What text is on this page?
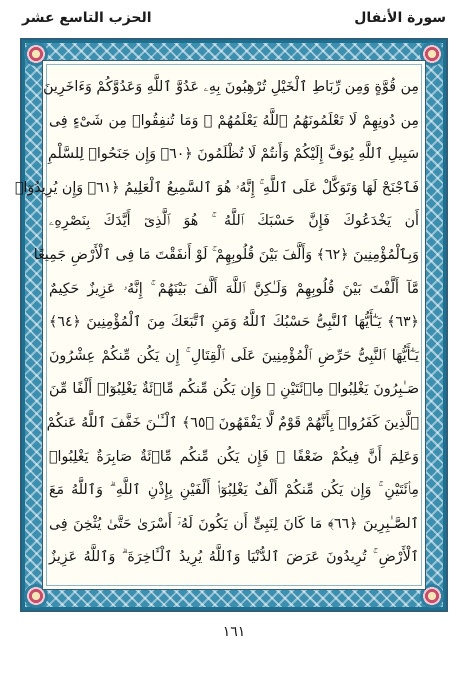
سورة الأنفال
الحزب التاسع عشر
مِن قُوَّةٍ وَمِن رِّبَاطِ ٱلْخَيْلِ تُرْهِبُونَ بِهِۦ عَدُوَّ ٱللَّهِ وَعَدُوَّكُمْ وَءَاخَرِينَ
مِن دُونِهِمْ لَا تَعْلَمُونَهُمُ ٱللَّهُ يَعْلَمُهُمْ ۚ وَمَا تُنفِقُوا۟ مِن شَىْءٍ فِى
سَبِيلِ ٱللَّهِ يُوَفَّ إِلَيْكُمْ وَأَنتُمْ لَا تُظْلَمُونَ ﴿٦٠﴾ وَإِن جَنَحُوا۟ لِلسَّلْمِ
فَٱجْنَحْ لَهَا وَتَوَكَّلْ عَلَى ٱللَّهِ ۚ إِنَّهُۥ هُوَ ٱلسَّمِيعُ ٱلْعَلِيمُ ﴿٦١﴾ وَإِن يُرِيدُوٓا۟
أَن يَخْدَعُوكَ فَإِنَّ حَسْبَكَ ٱللَّهُ ۚ هُوَ ٱلَّذِىٓ أَيَّدَكَ بِنَصْرِهِۦ
وَبِٱلْمُؤْمِنِينَ ﴿٦٢﴾ وَأَلَّفَ بَيْنَ قُلُوبِهِمْ ۚ لَوْ أَنفَقْتَ مَا فِى ٱلْأَرْضِ جَمِيعًا
مَّآ أَلَّفْتَ بَيْنَ قُلُوبِهِمْ وَلَـٰكِنَّ ٱللَّهَ أَلَّفَ بَيْنَهُمْ ۚ إِنَّهُۥ عَزِيزٌ حَكِيمٌ
﴿٦٣﴾ يَـٰٓأَيُّهَا ٱلنَّبِىُّ حَسْبُكَ ٱللَّهُ وَمَنِ ٱتَّبَعَكَ مِنَ ٱلْمُؤْمِنِينَ ﴿٦٤﴾
يَـٰٓأَيُّهَا ٱلنَّبِىُّ حَرِّضِ ٱلْمُؤْمِنِينَ عَلَى ٱلْقِتَالِ ۚ إِن يَكُن مِّنكُمْ عِشْرُونَ
صَـٰبِرُونَ يَغْلِبُوا۟ مِا۟ئَتَيْنِ ۚ وَإِن يَكُن مِّنكُم مِّا۟ئَةٌ يَغْلِبُوٓا۟ أَلْفًا مِّنَ
ٱلَّذِينَ كَفَرُوا۟ بِأَنَّهُمْ قَوْمٌ لَّا يَفْقَهُونَ ﴿٦٥﴾ ٱلْـَٔـٰنَ خَفَّفَ ٱللَّهُ عَنكُمْ
وَعَلِمَ أَنَّ فِيكُمْ ضَعْفًا ۚ فَإِن يَكُن مِّنكُم مِّا۟ئَةٌ صَابِرَةٌ يَغْلِبُوا۟
مِا۟ئَتَيْنِ ۚ وَإِن يَكُن مِّنكُمْ أَلْفٌ يَغْلِبُوٓا۟ أَلْفَيْنِ بِإِذْنِ ٱللَّهِ ۗ وَٱللَّهُ مَعَ
ٱلصَّـٰبِرِينَ ﴿٦٦﴾ مَا كَانَ لِنَبِىٍّ أَن يَكُونَ لَهُۥٓ أَسْرَىٰ حَتَّىٰ يُثْخِنَ فِى
ٱلْأَرْضِ ۚ تُرِيدُونَ عَرَضَ ٱلدُّنْيَا وَٱللَّهُ يُرِيدُ ٱلْـَٔاخِرَةَ ۗ وَٱللَّهُ عَزِيزٌ
١٦١
